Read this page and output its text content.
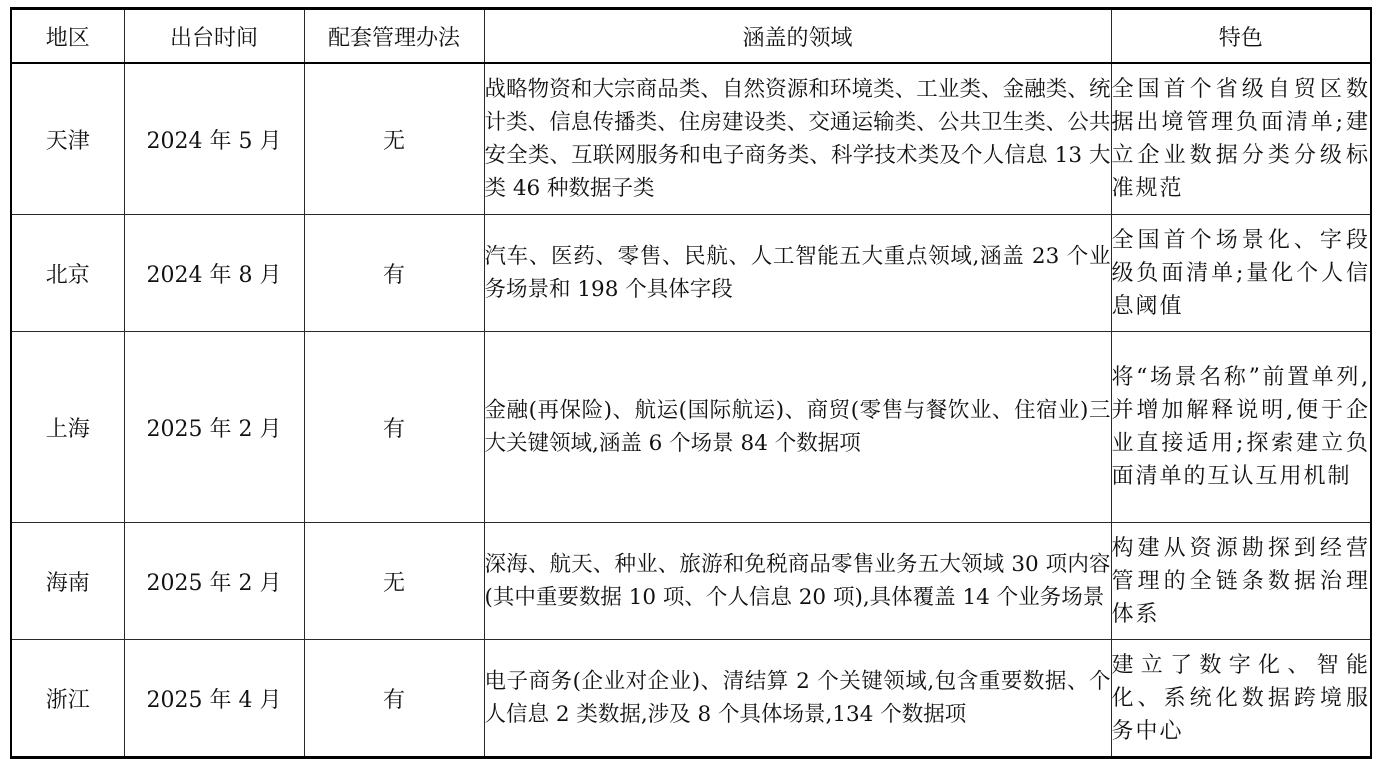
地区	出台时间	配套管理办法	涵盖的领域	特色
天津	2024 年 5 月	无	战略物资和大宗商品类、自然资源和环境类、工业类、金融类、统计类、信息传播类、住房建设类、交通运输类、公共卫生类、公共安全类、互联网服务和电子商务类、科学技术类及个人信息 13 大类 46 种数据子类	全国首个省级自贸区数据出境管理负面清单;建立企业数据分类分级标准规范
北京	2024 年 8 月	有	汽车、医药、零售、民航、人工智能五大重点领域,涵盖 23 个业务场景和 198 个具体字段	全国首个场景化、字段级负面清单;量化个人信息阈值
上海	2025 年 2 月	有	金融(再保险)、航运(国际航运)、商贸(零售与餐饮业、住宿业)三大关键领域,涵盖 6 个场景 84 个数据项	将“场景名称”前置单列,并增加解释说明,便于企业直接适用;探索建立负面清单的互认互用机制
海南	2025 年 2 月	无	深海、航天、种业、旅游和免税商品零售业务五大领域 30 项内容(其中重要数据 10 项、个人信息 20 项),具体覆盖 14 个业务场景	构建从资源勘探到经营管理的全链条数据治理体系
浙江	2025 年 4 月	有	电子商务(企业对企业)、清结算 2 个关键领域,包含重要数据、个人信息 2 类数据,涉及 8 个具体场景,134 个数据项	建立了数字化、智能化、系统化数据跨境服务中心
